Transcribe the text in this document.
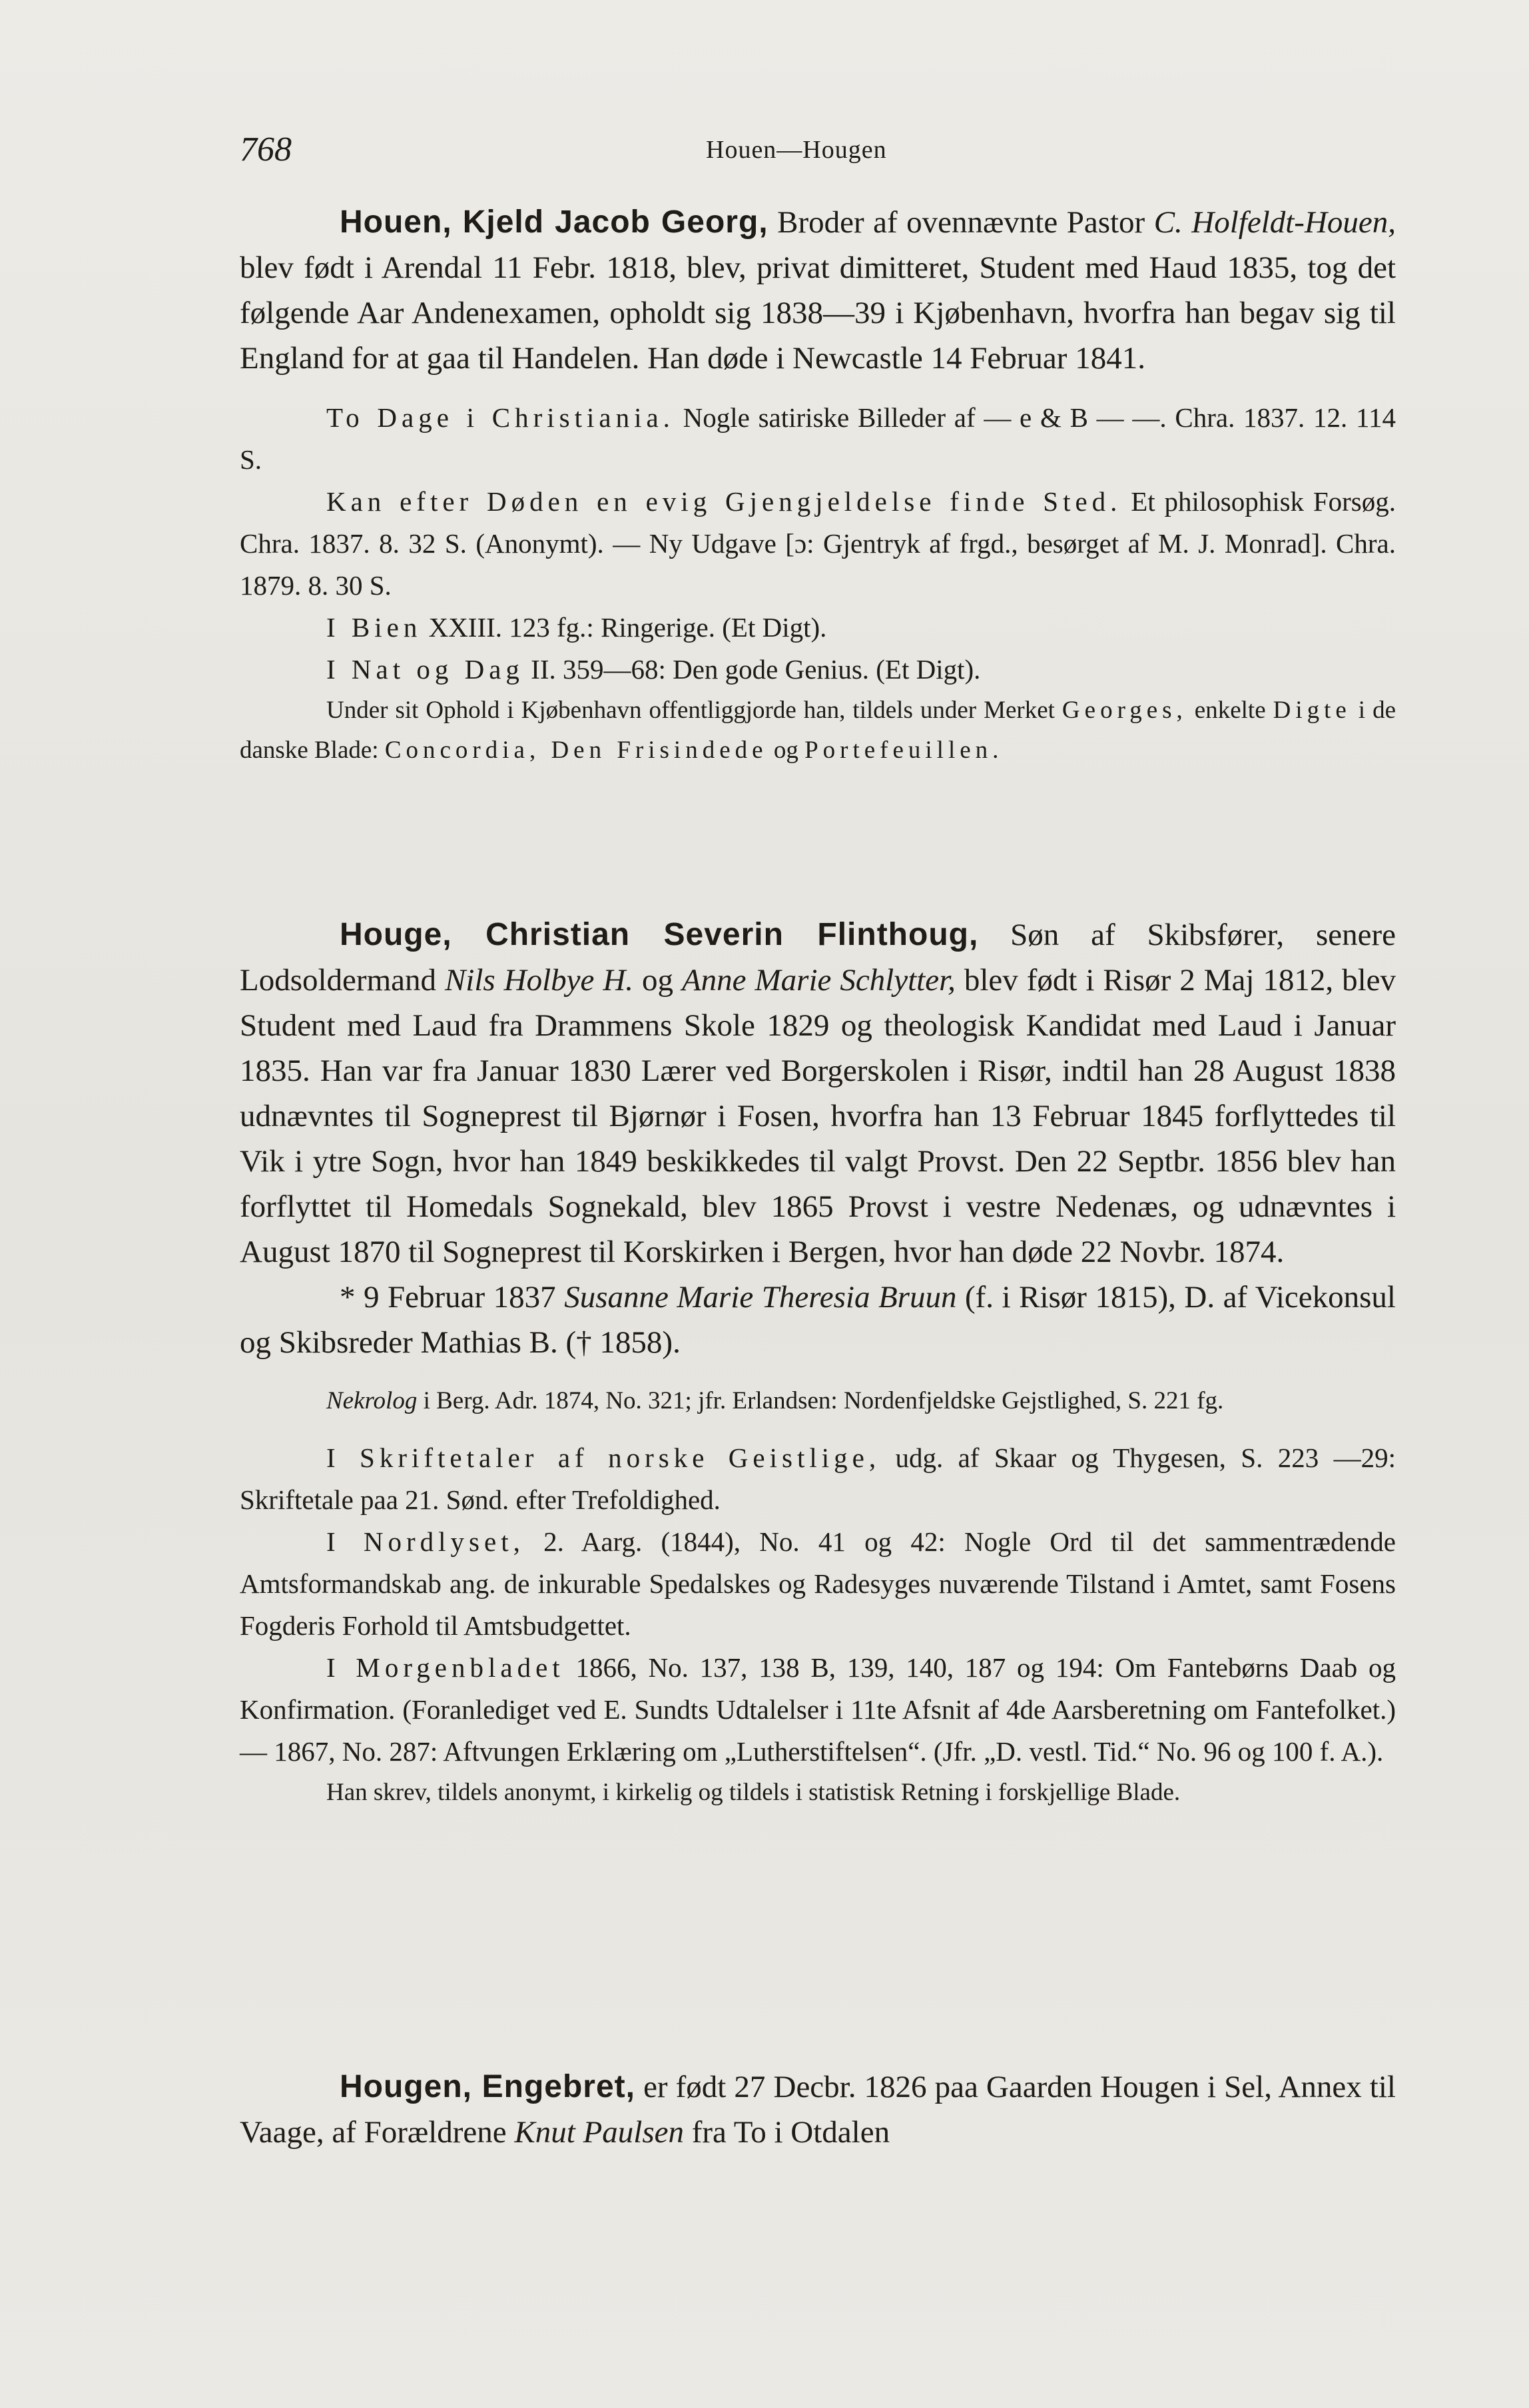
768	Houen—Hougen

Houen, Kjeld Jacob Georg, Broder af ovennævnte Pastor C. Holfeldt-Houen, blev født i Arendal 11 Febr. 1818, blev, privat dimitteret, Student med Haud 1835, tog det følgende Aar Andenexamen, opholdt sig 1838—39 i Kjøbenhavn, hvorfra han begav sig til England for at gaa til Handelen. Han døde i Newcastle 14 Februar 1841.

To Dage i Christiania. Nogle satiriske Billeder af — e & B — —. Chra. 1837. 12. 114 S.

Kan efter Døden en evig Gjengjeldelse finde Sted. Et philosophisk Forsøg. Chra. 1837. 8. 32 S. (Anonymt). — Ny Udgave [ɔ: Gjentryk af frgd., besørget af M. J. Monrad]. Chra. 1879. 8. 30 S.

I Bien XXIII. 123 fg.: Ringerige. (Et Digt).

I Nat og Dag II. 359—68: Den gode Genius. (Et Digt).

Under sit Ophold i Kjøbenhavn offentliggjorde han, tildels under Merket Georges, enkelte Digte i de danske Blade: Concordia, Den Frisindede og Portefeuillen.

Houge, Christian Severin Flinthoug, Søn af Skibsfører, senere Lodsoldermand Nils Holbye H. og Anne Marie Schlytter, blev født i Risør 2 Maj 1812, blev Student med Laud fra Drammens Skole 1829 og theologisk Kandidat med Laud i Januar 1835. Han var fra Januar 1830 Lærer ved Borgerskolen i Risør, indtil han 28 August 1838 udnævntes til Sogneprest til Bjørnør i Fosen, hvorfra han 13 Februar 1845 forflyttedes til Vik i ytre Sogn, hvor han 1849 beskikkedes til valgt Provst. Den 22 Septbr. 1856 blev han forflyttet til Homedals Sognekald, blev 1865 Provst i vestre Nedenæs, og udnævntes i August 1870 til Sogneprest til Korskirken i Bergen, hvor han døde 22 Novbr. 1874.

* 9 Februar 1837 Susanne Marie Theresia Bruun (f. i Risør 1815), D. af Vicekonsul og Skibsreder Mathias B. († 1858).

Nekrolog i Berg. Adr. 1874, No. 321; jfr. Erlandsen: Nordenfjeldske Gejstlighed, S. 221 fg.

I Skriftetaler af norske Geistlige, udg. af Skaar og Thygesen, S. 223 —29: Skriftetale paa 21. Sønd. efter Trefoldighed.

I Nordlyset, 2. Aarg. (1844), No. 41 og 42: Nogle Ord til det sammentrædende Amtsformandskab ang. de inkurable Spedalskes og Radesyges nuværende Tilstand i Amtet, samt Fosens Fogderis Forhold til Amtsbudgettet.

I Morgenbladet 1866, No. 137, 138 B, 139, 140, 187 og 194: Om Fantebørns Daab og Konfirmation. (Foranlediget ved E. Sundts Udtalelser i 11te Afsnit af 4de Aarsberetning om Fantefolket.) — 1867, No. 287: Aftvungen Erklæring om „Lutherstiftelsen“. (Jfr. „D. vestl. Tid.“ No. 96 og 100 f. A.).

Han skrev, tildels anonymt, i kirkelig og tildels i statistisk Retning i forskjellige Blade.

Hougen, Engebret, er født 27 Decbr. 1826 paa Gaarden Hougen i Sel, Annex til Vaage, af Forældrene Knut Paulsen fra To i Otdalen
